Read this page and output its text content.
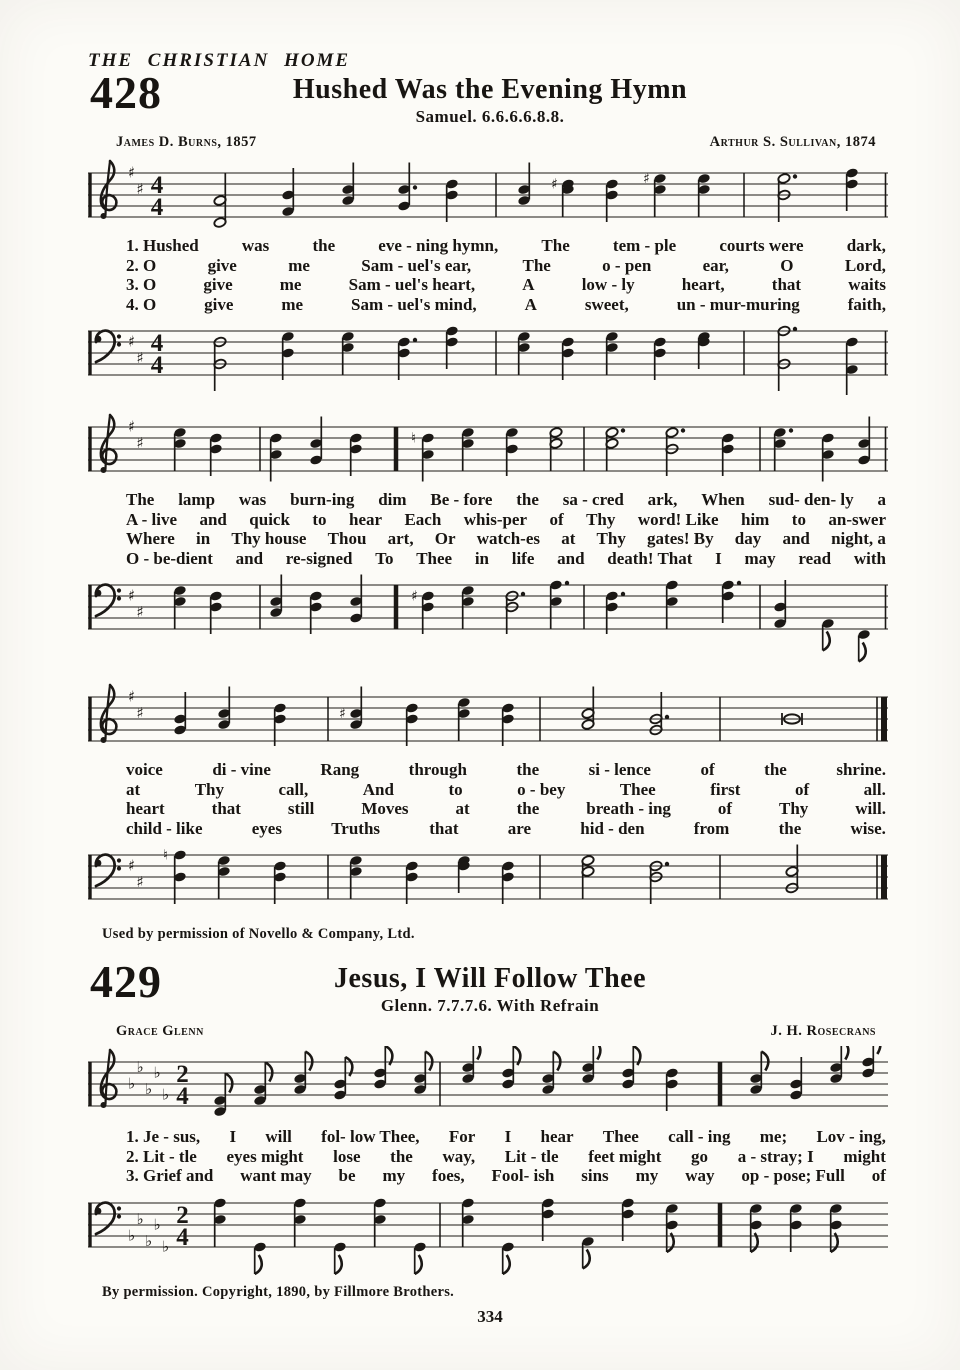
THE CHRISTIAN HOME
428	Hushed Was the Evening Hymn
Samuel. 6.6.6.6.8.8.
James D. Burns, 1857	Arthur S. Sullivan, 1874
♯
♯ 4
4
♯	♯
1. Hushed	was	the	eve - ning hymn,	The	tem - ple	courts were	dark,
2. O	give	me	Sam - uel's ear,	The	o - pen	ear,	O	Lord,
3. O	give	me	Sam - uel's heart,	A	low - ly	heart,	that	waits
4. O	give	me	Sam - uel's mind,	A	sweet,	un - mur-muring	faith,
♯
♯
4
4
♯
♯	♮
The lamp was burn-ing dim Be - fore the sa - cred ark, When sud- den- ly a
A - live and quick to hear Each whis-per of Thy word! Like him to an-swer
Where in Thy house Thou art, Or watch-es at Thy gates! By day and night, a
O - be-dient and re-signed To Thee in life and death! That I may read with
♯
♯
♯
♯
♯	♯
voice	di - vine	Rang	through	the	si - lence	of	the	shrine.
at	Thy	call,	And	to	o - bey	Thee	first	of	all.
heart	that	still	Moves	at	the	breath - ing	of	Thy	will.
child - like	eyes	Truths	that	are	hid - den	from	the	wise.
♯
♯
♮
Used by permission of Novello & Company, Ltd.
429	Jesus, I Will Follow Thee
Glenn. 7.7.7.6. With Refrain
Grace Glenn	J. H. Rosecrans
♭
♭
♭
♭
♭
2
4
1. Je - sus, I will fol- low Thee, For I hear Thee call - ing me; Lov - ing,
2. Lit - tle eyes might lose the way, Lit - tle feet might go a - stray; I might
3. Grief and want may be my foes, Fool- ish sins my way op - pose; Full of
♭
♭
♭
♭
♭
2
4
By permission. Copyright, 1890, by Fillmore Brothers.
334
